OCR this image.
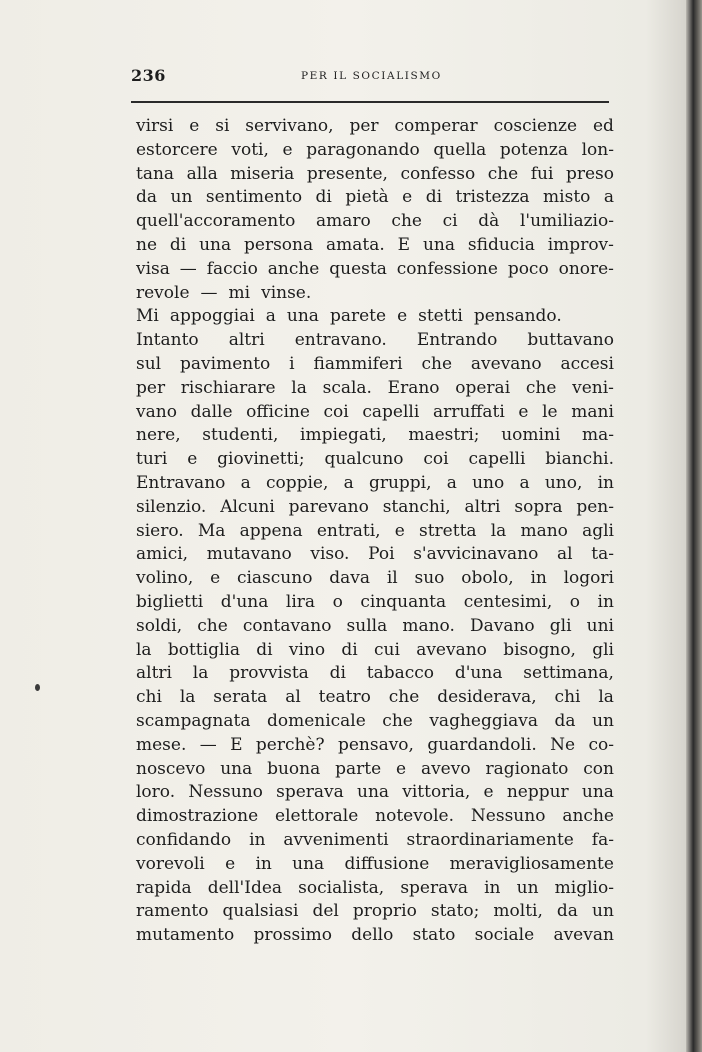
236	PER IL SOCIALISMO
virsi e si servivano, per comperar coscienze ed
estorcere voti, e paragonando quella potenza lon-
tana alla miseria presente, confesso che fui preso
da un sentimento di pietà e di tristezza misto a
quell'accoramento amaro che ci dà l'umiliazio-
ne di una persona amata. E una sfiducia improv-
visa — faccio anche questa confessione poco onore-
revole — mi vinse.
Mi appoggiai a una parete e stetti pensando.
Intanto altri entravano. Entrando buttavano
sul pavimento i fiammiferi che avevano accesi
per rischiarare la scala. Erano operai che veni-
vano dalle officine coi capelli arruffati e le mani
nere, studenti, impiegati, maestri; uomini ma-
turi e giovinetti; qualcuno coi capelli bianchi.
Entravano a coppie, a gruppi, a uno a uno, in
silenzio. Alcuni parevano stanchi, altri sopra pen-
siero. Ma appena entrati, e stretta la mano agli
amici, mutavano viso. Poi s'avvicinavano al ta-
volino, e ciascuno dava il suo obolo, in logori
biglietti d'una lira o cinquanta centesimi, o in
soldi, che contavano sulla mano. Davano gli uni
la bottiglia di vino di cui avevano bisogno, gli
altri la provvista di tabacco d'una settimana,
chi la serata al teatro che desiderava, chi la
scampagnata domenicale che vagheggiava da un
mese. — E perchè? pensavo, guardandoli. Ne co-
noscevo una buona parte e avevo ragionato con
loro. Nessuno sperava una vittoria, e neppur una
dimostrazione elettorale notevole. Nessuno anche
confidando in avvenimenti straordinariamente fa-
vorevoli e in una diffusione meravigliosamente
rapida dell'Idea socialista, sperava in un miglio-
ramento qualsiasi del proprio stato; molti, da un
mutamento prossimo dello stato sociale avevan
